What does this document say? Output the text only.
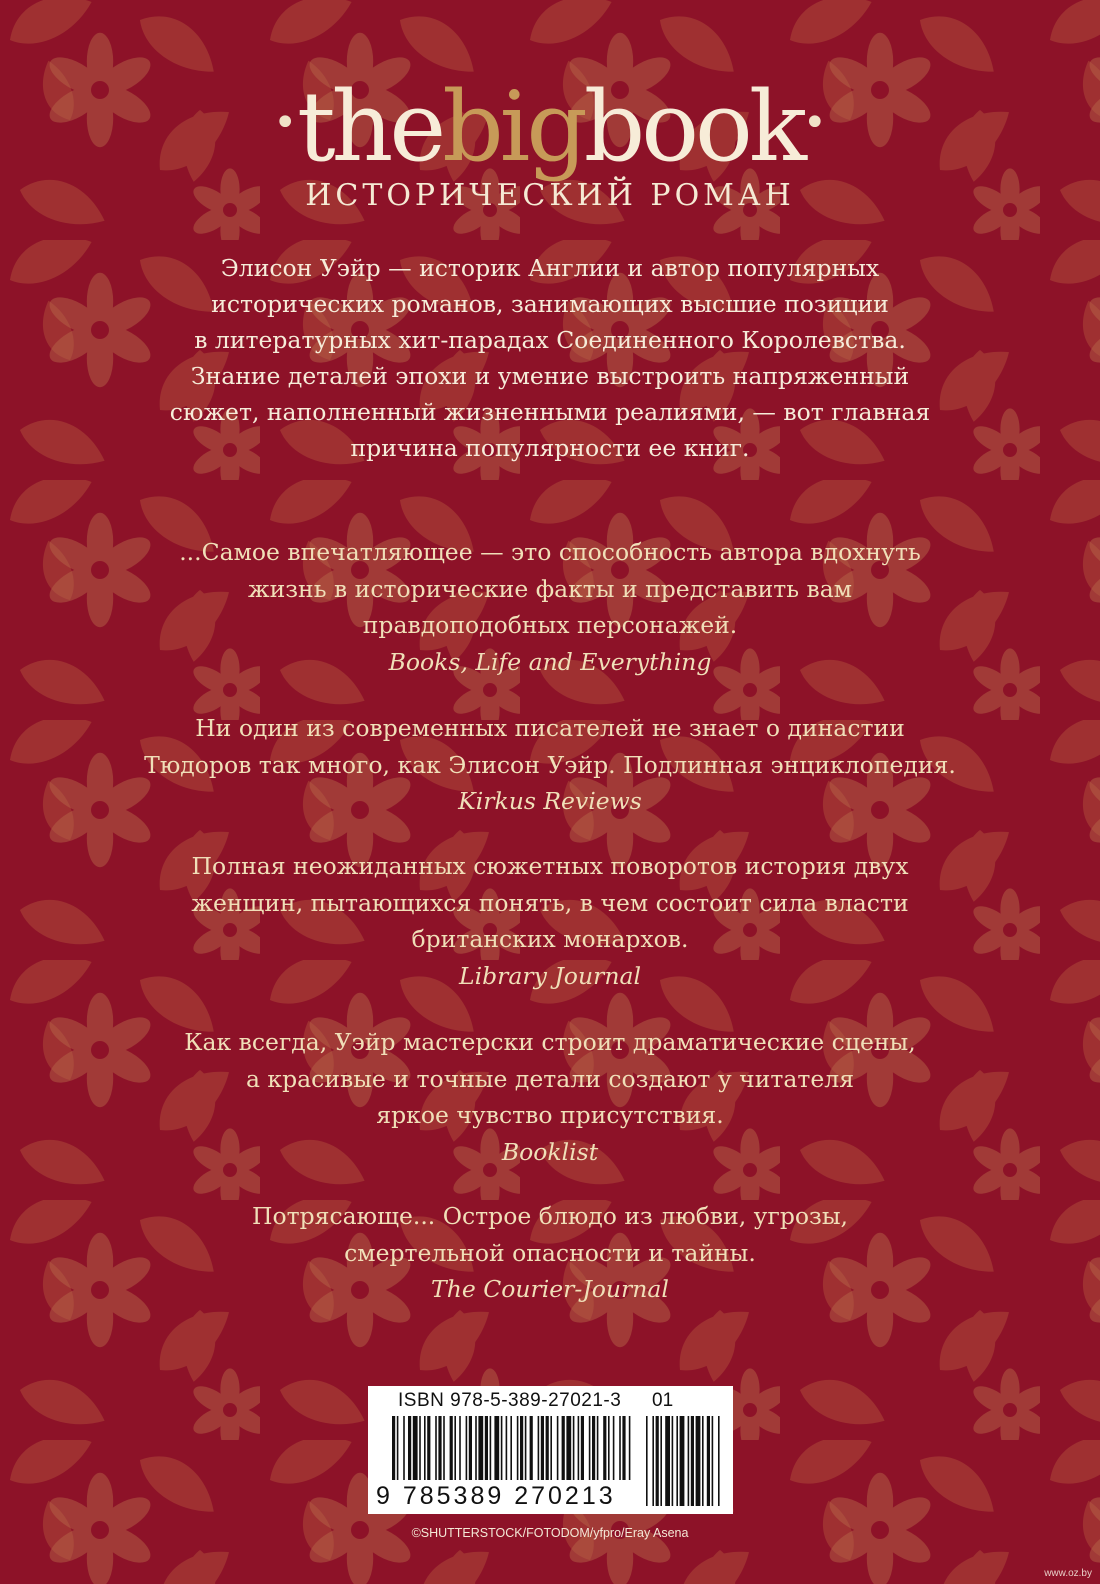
•thebigbook•
ИСТОРИЧЕСКИЙ РОМАН
Элисон Уэйр — историк Англии и автор популярных
исторических романов, занимающих высшие позиции
в литературных хит-парадах Соединенного Королевства.
Знание деталей эпохи и умение выстроить напряженный
сюжет, наполненный жизненными реалиями, — вот главная
причина популярности ее книг.
...Самое впечатляющее — это способность автора вдохнуть
жизнь в исторические факты и представить вам
правдоподобных персонажей.
Books, Life and Everything
Ни один из современных писателей не знает о династии
Тюдоров так много, как Элисон Уэйр. Подлинная энциклопедия.
Kirkus Reviews
Полная неожиданных сюжетных поворотов история двух
женщин, пытающихся понять, в чем состоит сила власти
британских монархов.
Library Journal
Как всегда, Уэйр мастерски строит драматические сцены,
а красивые и точные детали создают у читателя
яркое чувство присутствия.
Booklist
Потрясающе... Острое блюдо из любви, угрозы,
смертельной опасности и тайны.
The Courier-Journal
ISBN 978-5-389-27021-3 01
9 785389 270213
©SHUTTERSTOCK/FOTODOM/yfpro/Eray Asena
www.oz.by
